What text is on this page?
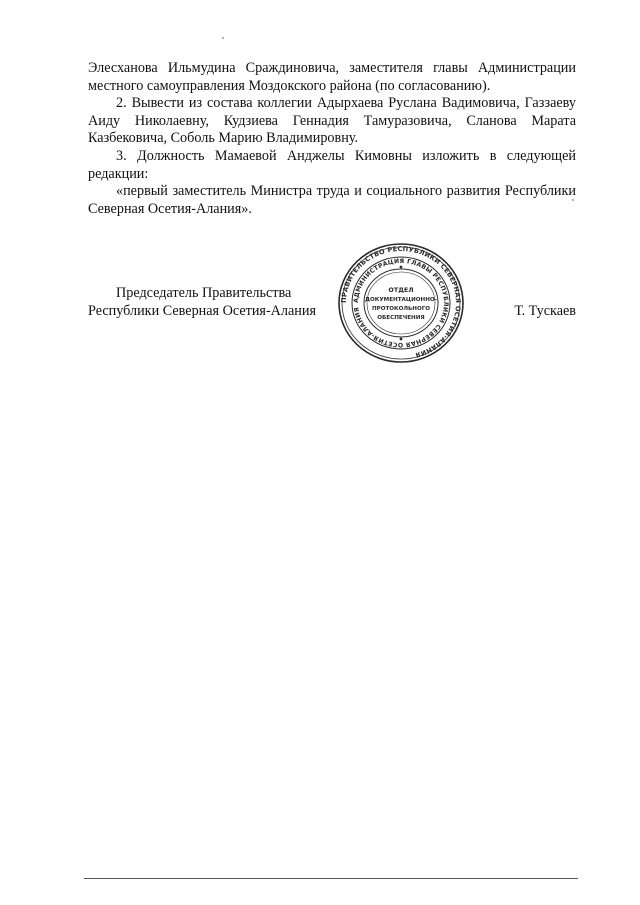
Элесханова Ильмудина Сраждиновича, заместителя главы Администрации местного самоуправления Моздокского района (по согласованию).

2. Вывести из состава коллегии Адырхаева Руслана Вадимовича, Газзаеву Аиду Николаевну, Кудзиева Геннадия Тамуразовича, Сланова Марата Казбековича, Соболь Марию Владимировну.

3. Должность Мамаевой Анджелы Кимовны изложить в следующей редакции:

«первый заместитель Министра труда и социального развития Республики Северная Осетия-Алания».

ПРАВИТЕЛЬСТВО РЕСПУБЛИКИ СЕВЕРНАЯ ОСЕТИЯ-АЛАНИЯ
АДМИНИСТРАЦИЯ ГЛАВЫ РЕСПУБЛИКИ СЕВЕРНАЯ ОСЕТИЯ-АЛАНИЯ
ОТДЕЛ
ДОКУМЕНТАЦИОННО-
ПРОТОКОЛЬНОГО
ОБЕСПЕЧЕНИЯ
Председатель Правительства
Республики Северная Осетия-Алания	Т. Тускаев
